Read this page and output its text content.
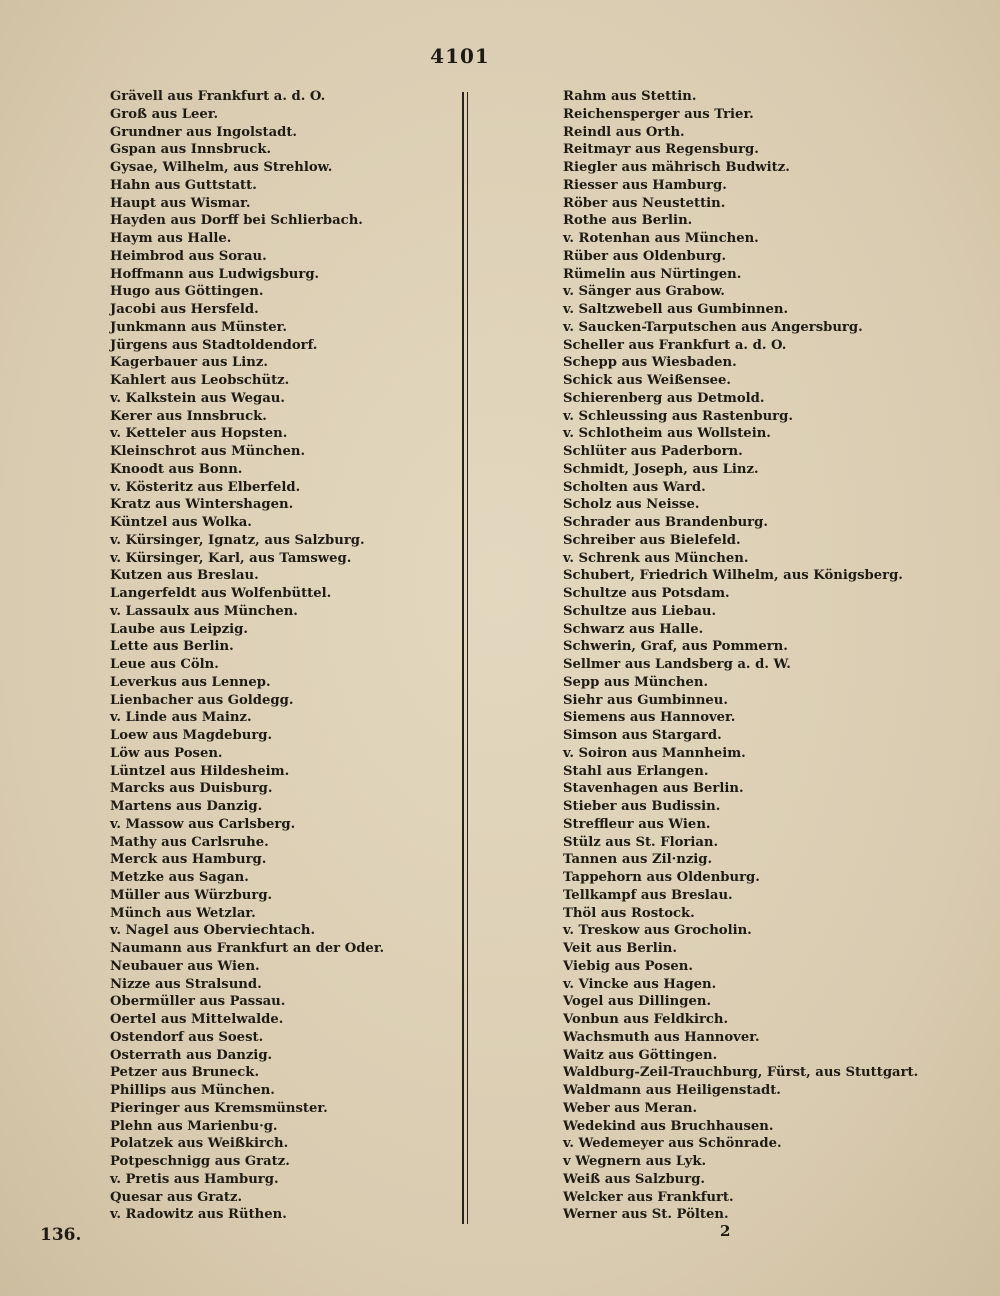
4101
Grävell aus Frankfurt a. d. O.
Groß aus Leer.
Grundner aus Ingolstadt.
Gspan aus Innsbruck.
Gysae, Wilhelm, aus Strehlow.
Hahn aus Guttstatt.
Haupt aus Wismar.
Hayden aus Dorff bei Schlierbach.
Haym aus Halle.
Heimbrod aus Sorau.
Hoffmann aus Ludwigsburg.
Hugo aus Göttingen.
Jacobi aus Hersfeld.
Junkmann aus Münster.
Jürgens aus Stadtoldendorf.
Kagerbauer aus Linz.
Kahlert aus Leobschütz.
v. Kalkstein aus Wegau.
Kerer aus Innsbruck.
v. Ketteler aus Hopsten.
Kleinschrot aus München.
Knoodt aus Bonn.
v. Kösteritz aus Elberfeld.
Kratz aus Wintershagen.
Küntzel aus Wolka.
v. Kürsinger, Ignatz, aus Salzburg.
v. Kürsinger, Karl, aus Tamsweg.
Kutzen aus Breslau.
Langerfeldt aus Wolfenbüttel.
v. Lassaulx aus München.
Laube aus Leipzig.
Lette aus Berlin.
Leue aus Cöln.
Leverkus aus Lennep.
Lienbacher aus Goldegg.
v. Linde aus Mainz.
Loew aus Magdeburg.
Löw aus Posen.
Lüntzel aus Hildesheim.
Marcks aus Duisburg.
Martens aus Danzig.
v. Massow aus Carlsberg.
Mathy aus Carlsruhe.
Merck aus Hamburg.
Metzke aus Sagan.
Müller aus Würzburg.
Münch aus Wetzlar.
v. Nagel aus Oberviechtach.
Naumann aus Frankfurt an der Oder.
Neubauer aus Wien.
Nizze aus Stralsund.
Obermüller aus Passau.
Oertel aus Mittelwalde.
Ostendorf aus Soest.
Osterrath aus Danzig.
Petzer aus Bruneck.
Phillips aus München.
Pieringer aus Kremsmünster.
Plehn aus Marienbu·g.
Polatzek aus Weißkirch.
Potpeschnigg aus Gratz.
v. Pretis aus Hamburg.
Quesar aus Gratz.
v. Radowitz aus Rüthen.
Rahm aus Stettin.
Reichensperger aus Trier.
Reindl aus Orth.
Reitmayr aus Regensburg.
Riegler aus mährisch Budwitz.
Riesser aus Hamburg.
Röber aus Neustettin.
Rothe aus Berlin.
v. Rotenhan aus München.
Rüber aus Oldenburg.
Rümelin aus Nürtingen.
v. Sänger aus Grabow.
v. Saltzwebell aus Gumbinnen.
v. Saucken-Tarputschen aus Angersburg.
Scheller aus Frankfurt a. d. O.
Schepp aus Wiesbaden.
Schick aus Weißensee.
Schierenberg aus Detmold.
v. Schleussing aus Rastenburg.
v. Schlotheim aus Wollstein.
Schlüter aus Paderborn.
Schmidt, Joseph, aus Linz.
Scholten aus Ward.
Scholz aus Neisse.
Schrader aus Brandenburg.
Schreiber aus Bielefeld.
v. Schrenk aus München.
Schubert, Friedrich Wilhelm, aus Königsberg.
Schultze aus Potsdam.
Schultze aus Liebau.
Schwarz aus Halle.
Schwerin, Graf, aus Pommern.
Sellmer aus Landsberg a. d. W.
Sepp aus München.
Siehr aus Gumbinneu.
Siemens aus Hannover.
Simson aus Stargard.
v. Soiron aus Mannheim.
Stahl aus Erlangen.
Stavenhagen aus Berlin.
Stieber aus Budissin.
Streffleur aus Wien.
Stülz aus St. Florian.
Tannen aus Zil·nzig.
Tappehorn aus Oldenburg.
Tellkampf aus Breslau.
Thöl aus Rostock.
v. Treskow aus Grocholin.
Veit aus Berlin.
Viebig aus Posen.
v. Vincke aus Hagen.
Vogel aus Dillingen.
Vonbun aus Feldkirch.
Wachsmuth aus Hannover.
Waitz aus Göttingen.
Waldburg-Zeil-Trauchburg, Fürst, aus Stuttgart.
Waldmann aus Heiligenstadt.
Weber aus Meran.
Wedekind aus Bruchhausen.
v. Wedemeyer aus Schönrade.
v Wegnern aus Lyk.
Weiß aus Salzburg.
Welcker aus Frankfurt.
Werner aus St. Pölten.
136.	2
